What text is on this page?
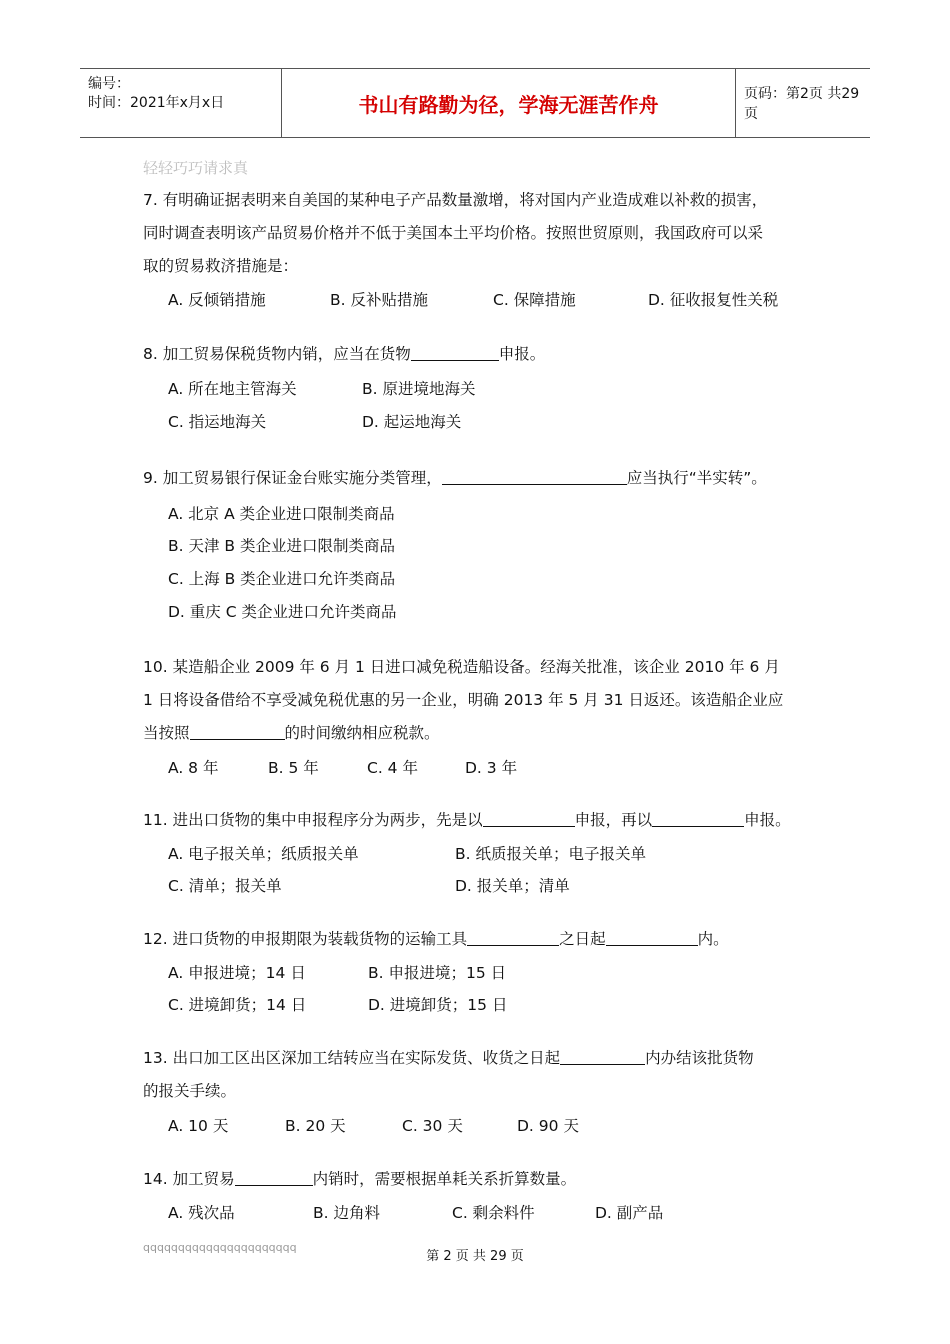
编号：
时间：2021年x月x日	书山有路勤为径，学海无涯苦作舟	页码：第2页 共29页
轻轻巧巧请求真
7. 有明确证据表明来自美国的某种电子产品数量激增，将对国内产业造成难以补救的损害，
同时调查表明该产品贸易价格并不低于美国本土平均价格。按照世贸原则，我国政府可以采
取的贸易救济措施是：
A. 反倾销措施	B. 反补贴措施	C. 保障措施	D. 征收报复性关税
8. 加工贸易保税货物内销，应当在货物	申报。
A. 所在地主管海关	B. 原进境地海关
C. 指运地海关	D. 起运地海关
9. 加工贸易银行保证金台账实施分类管理，	应当执行“半实转”。
A. 北京 A 类企业进口限制类商品
B. 天津 B 类企业进口限制类商品
C. 上海 B 类企业进口允许类商品
D. 重庆 C 类企业进口允许类商品
10. 某造船企业 2009 年 6 月 1 日进口减免税造船设备。经海关批准，该企业 2010 年 6 月
1 日将设备借给不享受减免税优惠的另一企业，明确 2013 年 5 月 31 日返还。该造船企业应
当按照	的时间缴纳相应税款。
A. 8 年	B. 5 年	C. 4 年	D. 3 年
11. 进出口货物的集中申报程序分为两步，先是以	申报，再以	申报。
A. 电子报关单；纸质报关单	B. 纸质报关单；电子报关单
C. 清单；报关单	D. 报关单；清单
12. 进口货物的申报期限为装载货物的运输工具	之日起	内。
A. 申报进境；14 日	B. 申报进境；15 日
C. 进境卸货；14 日	D. 进境卸货；15 日
13. 出口加工区出区深加工结转应当在实际发货、收货之日起	内办结该批货物
的报关手续。
A. 10 天	B. 20 天	C. 30 天	D. 90 天
14. 加工贸易	内销时，需要根据单耗关系折算数量。
A. 残次品	B. 边角料	C. 剩余料件	D. 副产品
qqqqqqqqqqqqqqqqqqqqqq
第 2 页 共 29 页
